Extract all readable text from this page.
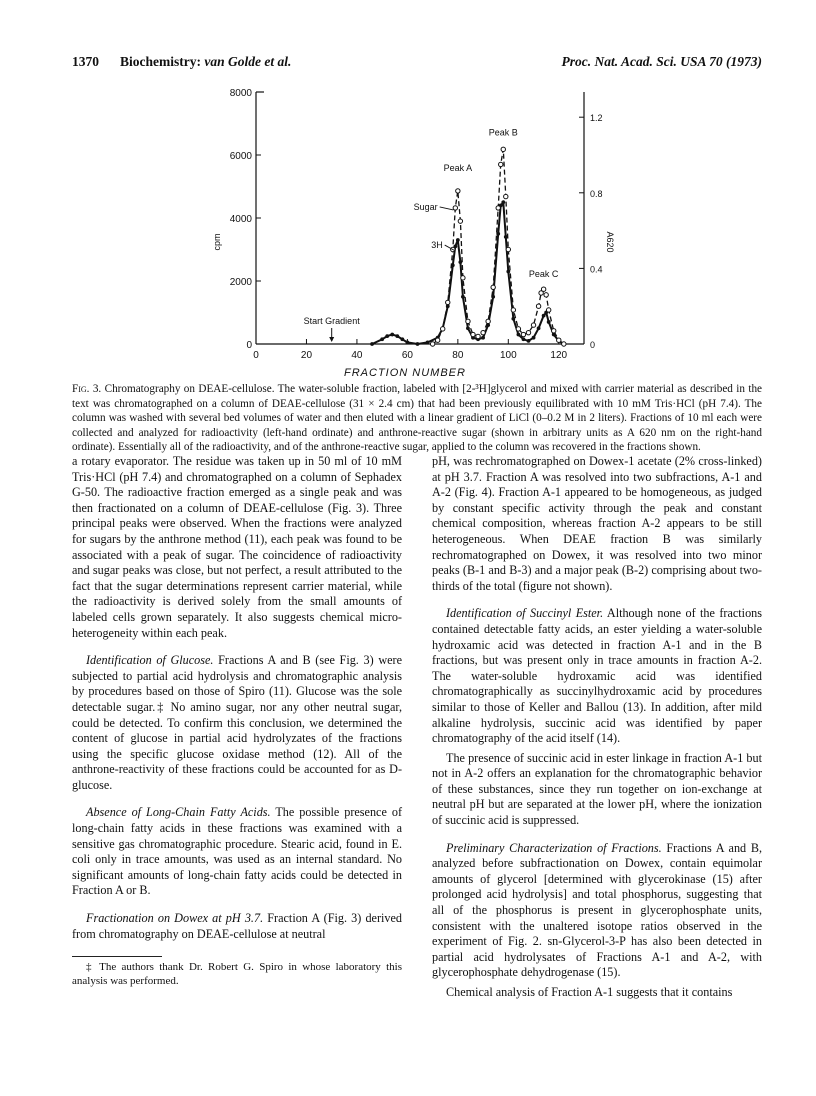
1370 Biochemistry: van Golde et al.	Proc. Nat. Acad. Sci. USA 70 (1973)
0	20	40	60	80	100	120
0
2000
4000
6000
8000
0
0.4
0.8
1.2
Start Gradient
Peak A
Peak B
Peak C
Sugar
3H
FRACTION NUMBER
cpm	A620
Fig. 3. Chromatography on DEAE-cellulose. The water-soluble fraction, labeled with [2-³H]glycerol and mixed with carrier material as described in the text was chromatographed on a column of DEAE-cellulose (31 × 2.4 cm) that had been previously equilibrated with 10 mM Tris·HCl (pH 7.4). The column was washed with several bed volumes of water and then eluted with a linear gradient of LiCl (0–0.2 M in 2 liters). Fractions of 10 ml each were collected and analyzed for radioactivity (left-hand ordinate) and anthrone-reactive sugar (shown in arbitrary units as A 620 nm on the right-hand ordinate). Essentially all of the radioactivity, and of the anthrone-reactive sugar, applied to the column was recovered in the fractions shown.

a rotary evaporator. The residue was taken up in 50 ml of 10 mM Tris·HCl (pH 7.4) and chromatographed on a column of Sephadex G-50. The radioactive fraction emerged as a single peak and was then fractionated on a column of DEAE-cellulose (Fig. 3). Three principal peaks were observed. When the fractions were analyzed for sugars by the anthrone method (11), each peak was found to be associated with a peak of sugar. The coincidence of radioactivity and sugar peaks was close, but not perfect, a result attributed to the fact that the sugar determinations represent carrier material, while the radioactivity is derived solely from the small amounts of labeled cells grown separately. It also suggests chemical micro-heterogeneity within each peak.

Identification of Glucose. Fractions A and B (see Fig. 3) were subjected to partial acid hydrolysis and chromatographic analysis by procedures based on those of Spiro (11). Glucose was the sole detectable sugar.‡ No amino sugar, nor any other neutral sugar, could be detected. To confirm this conclusion, we determined the content of glucose in partial acid hydrolyzates of the fractions using the specific glucose oxidase method (12). All of the anthrone-reactivity of these fractions could be accounted for as D-glucose.

Absence of Long-Chain Fatty Acids. The possible presence of long-chain fatty acids in these fractions was examined with a sensitive gas chromatographic procedure. Stearic acid, found in E. coli only in trace amounts, was used as an internal standard. No significant amounts of long-chain fatty acids could be detected in Fraction A or B.

Fractionation on Dowex at pH 3.7. Fraction A (Fig. 3) derived from chromatography on DEAE-cellulose at neutral

‡ The authors thank Dr. Robert G. Spiro in whose laboratory this analysis was performed.

pH, was rechromatographed on Dowex-1 acetate (2% cross-linked) at pH 3.7. Fraction A was resolved into two subfractions, A-1 and A-2 (Fig. 4). Fraction A-1 appeared to be homogeneous, as judged by constant specific activity through the peak and constant chemical composition, whereas fraction A-2 appears to be still heterogeneous. When DEAE fraction B was similarly rechromatographed on Dowex, it was resolved into two minor peaks (B-1 and B-3) and a major peak (B-2) comprising about two-thirds of the total (figure not shown).

Identification of Succinyl Ester. Although none of the fractions contained detectable fatty acids, an ester yielding a water-soluble hydroxamic acid was detected in fraction A-1 and in the B fractions, but was present only in trace amounts in fraction A-2. The water-soluble hydroxamic acid was identified chromatographically as succinylhydroxamic acid by procedures similar to those of Keller and Ballou (13). In addition, after mild alkaline hydrolysis, succinic acid was identified by paper chromatography of the acid itself (14).

The presence of succinic acid in ester linkage in fraction A-1 but not in A-2 offers an explanation for the chromatographic behavior of these substances, since they run together on ion-exchange at neutral pH but are separated at the lower pH, where the ionization of succinic acid is suppressed.

Preliminary Characterization of Fractions. Fractions A and B, analyzed before subfractionation on Dowex, contain equimolar amounts of glycerol [determined with glycerokinase (15) after prolonged acid hydrolysis] and total phosphorus, suggesting that all of the phosphorus is present in glycerophosphate units, consistent with the unaltered isotope ratios observed in the experiment of Fig. 2. sn-Glycerol-3-P has also been detected in partial acid hydrolysates of Fractions A-1 and A-2, with glycerophosphate dehydrogenase (15).

Chemical analysis of Fraction A-1 suggests that it contains
